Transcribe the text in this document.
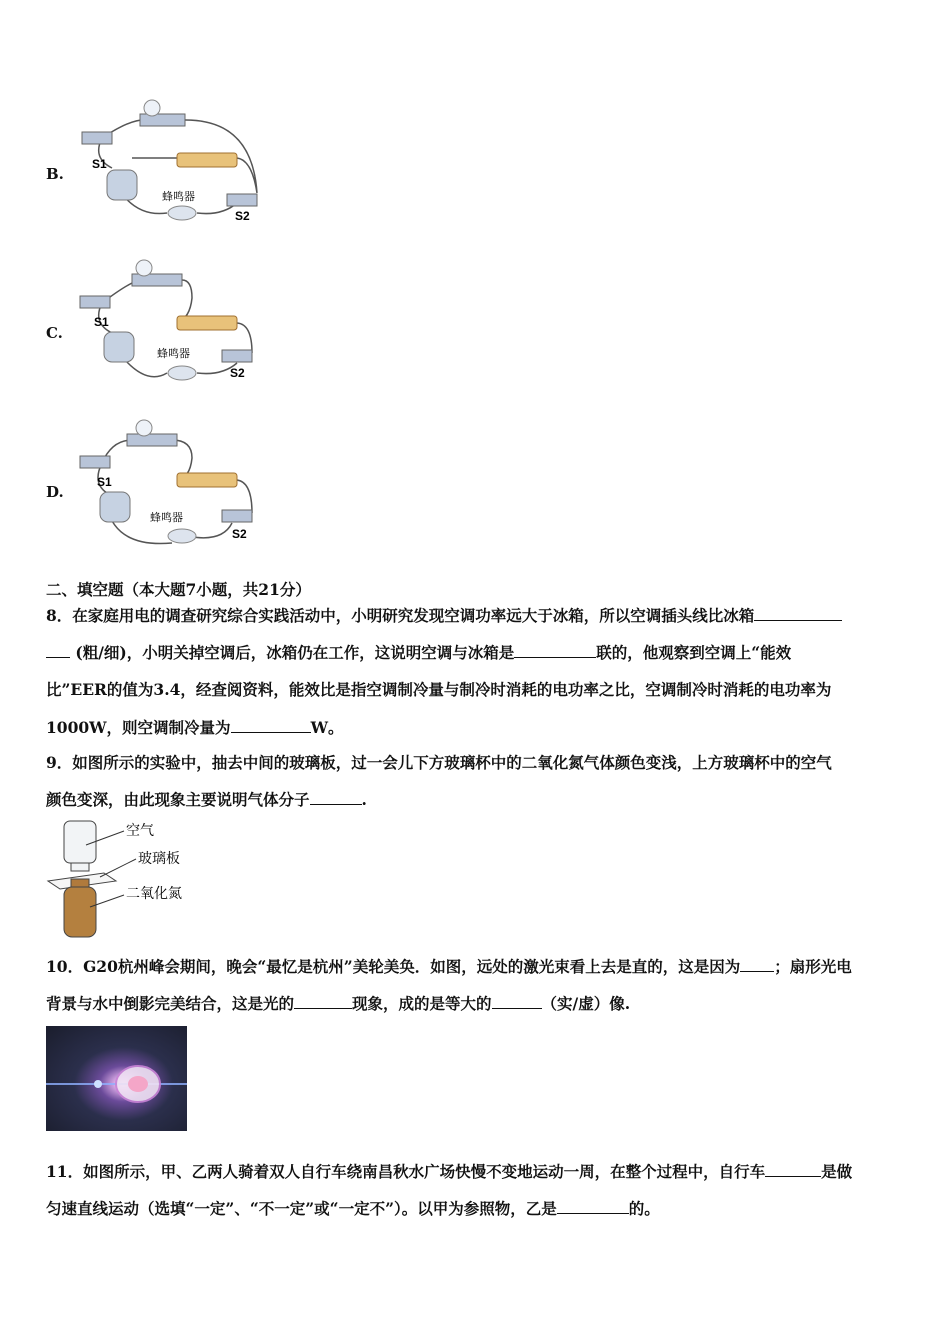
B.
S1
S2
蜂鸣器
C.
S1
S2
蜂鸣器
D.
S1
S2
蜂鸣器
二、填空题（本大题7小题，共21分）
8．在家庭用电的调查研究综合实践活动中，小明研究发现空调功率远大于冰箱，所以空调插头线比冰箱
(粗/细)，小明关掉空调后，冰箱仍在工作，这说明空调与冰箱是	联的，他观察到空调上“能效
比”EER的值为3.4，经查阅资料，能效比是指空调制冷量与制冷时消耗的电功率之比，空调制冷时消耗的电功率为
1000W，则空调制冷量为	W。
9．如图所示的实验中，抽去中间的玻璃板，过一会儿下方玻璃杯中的二氧化氮气体颜色变浅，上方玻璃杯中的空气
颜色变深，由此现象主要说明气体分子	.
空气
玻璃板
二氧化氮
10．G20杭州峰会期间，晚会“最忆是杭州”美轮美奂．如图，远处的激光束看上去是直的，这是因为 ；扇形光电
背景与水中倒影完美结合，这是光的	现象，成的是等大的	（实/虚）像.
11．如图所示，甲、乙两人骑着双人自行车绕南昌秋水广场快慢不变地运动一周，在整个过程中，自行车	是做
匀速直线运动（选填“一定”、“不一定”或“一定不”）。以甲为参照物，乙是	的。
